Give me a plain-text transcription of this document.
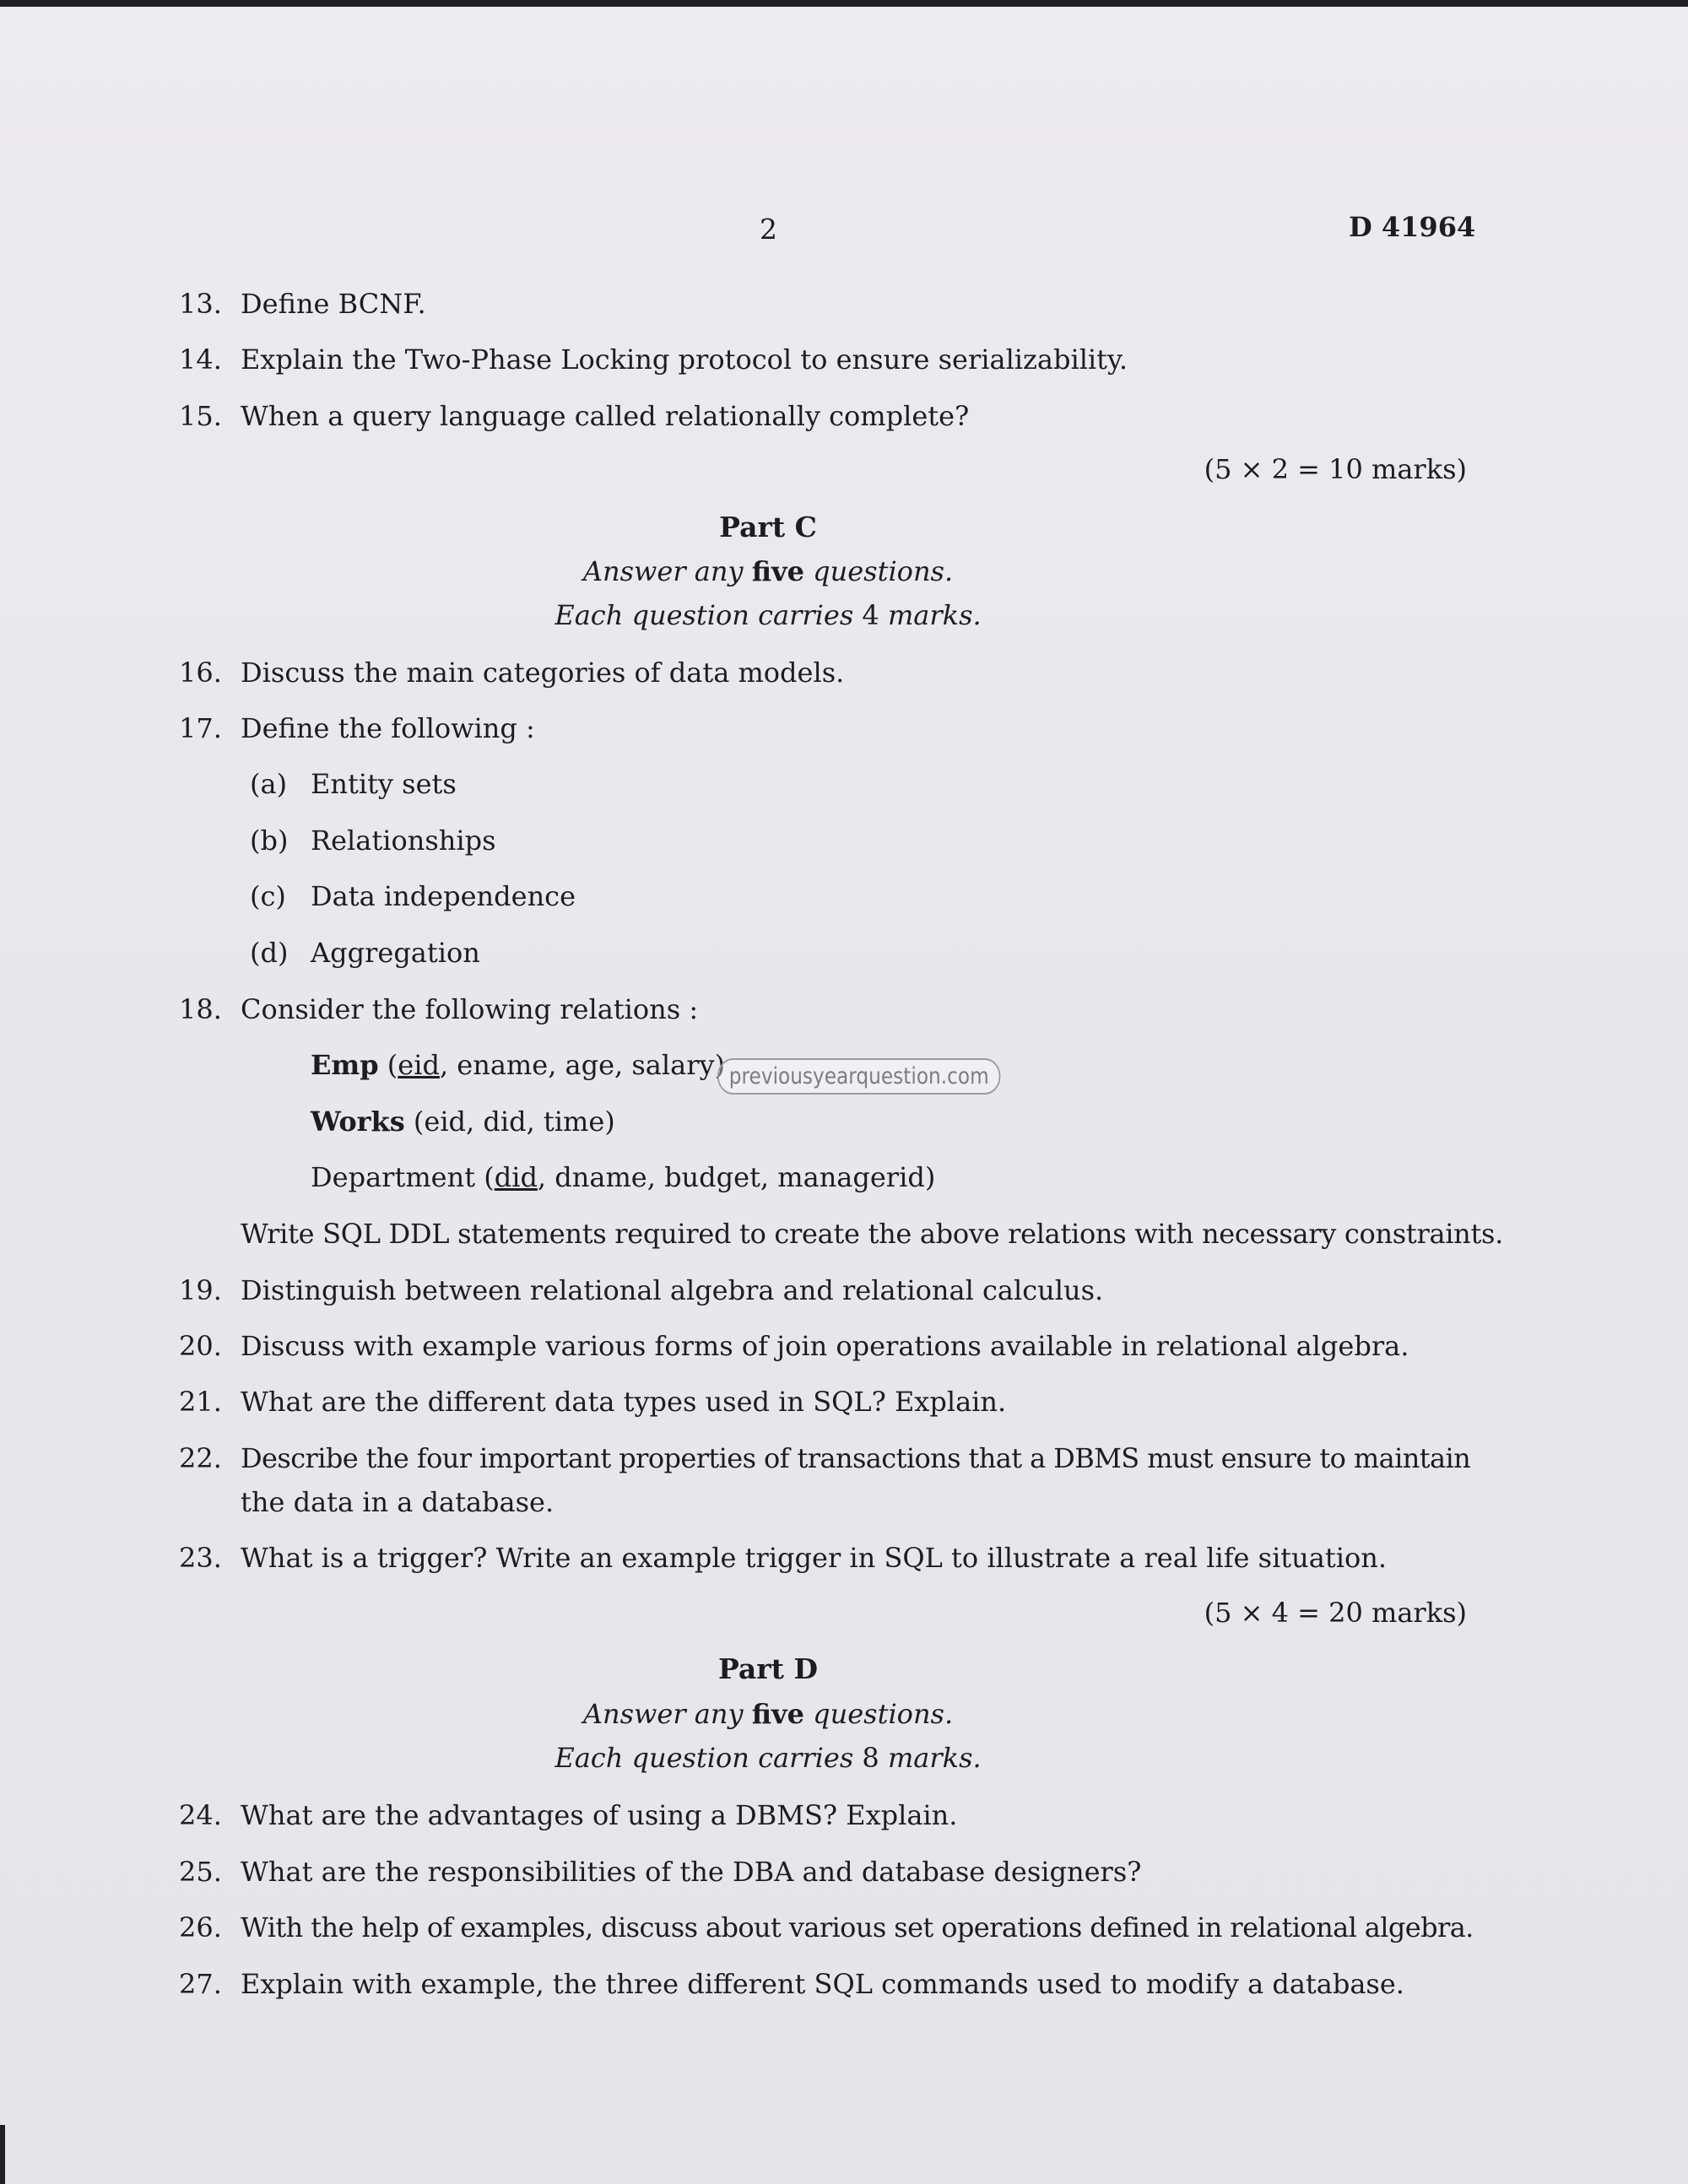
2	D 41964
13. Define BCNF.
14. Explain the Two-Phase Locking protocol to ensure serializability.
15. When a query language called relationally complete?
(5 × 2 = 10 marks)
Part C
Answer any five questions.
Each question carries 4 marks.
16. Discuss the main categories of data models.
17. Define the following :
(a) Entity sets
(b) Relationships
(c) Data independence
(d) Aggregation
18. Consider the following relations :
Emp (eid, ename, age, salary)
Works (eid, did, time)
Department (did, dname, budget, managerid)
Write SQL DDL statements required to create the above relations with necessary constraints.
previousyearquestion.com
19. Distinguish between relational algebra and relational calculus.
20. Discuss with example various forms of join operations available in relational algebra.
21. What are the different data types used in SQL? Explain.
22. Describe the four important properties of transactions that a DBMS must ensure to maintain
the data in a database.
23. What is a trigger? Write an example trigger in SQL to illustrate a real life situation.
(5 × 4 = 20 marks)
Part D
Answer any five questions.
Each question carries 8 marks.
24. What are the advantages of using a DBMS? Explain.
25. What are the responsibilities of the DBA and database designers?
26. With the help of examples, discuss about various set operations defined in relational algebra.
27. Explain with example, the three different SQL commands used to modify a database.
